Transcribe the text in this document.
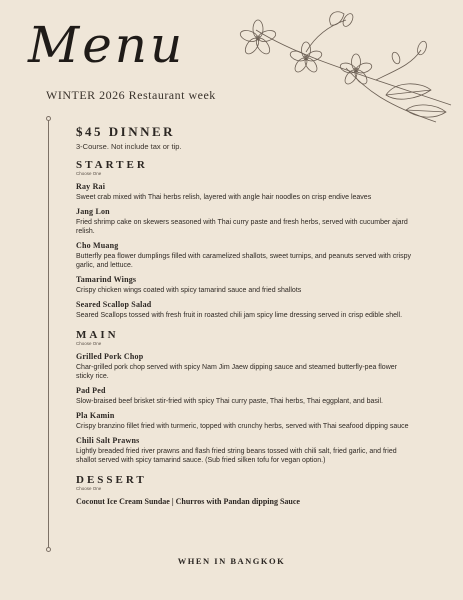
Menu
WINTER 2026 Restaurant week

$45 DINNER

3-Course. Not include tax or tip.

STARTER

Choose One

Ray Rai

Sweet crab mixed with Thai herbs relish, layered with angle hair noodles on crisp endive leaves

Jang Lon

Fried shrimp cake on skewers seasoned with Thai curry paste and fresh herbs, served with cucumber ajard relish.

Cho Muang

Butterfly pea flower dumplings filled with caramelized shallots, sweet turnips, and peanuts served with crispy garlic, and lettuce.

Tamarind Wings

Crispy chicken wings coated with spicy tamarind sauce and fried shallots

Seared Scallop Salad

Seared Scallops tossed with fresh fruit in roasted chili jam spicy lime dressing served in crisp edible shell.

MAIN

Choose One

Grilled Pork Chop

Char-grilled pork chop served with spicy Nam Jim Jaew dipping sauce and steamed butterfly-pea flower sticky rice.

Pad Ped

Slow-braised beef brisket stir-fried with spicy Thai curry paste, Thai herbs, Thai eggplant, and basil.

Pla Kamin

Crispy branzino fillet fried with turmeric, topped with crunchy herbs, served with Thai seafood dipping sauce

Chili Salt Prawns

Lightly breaded fried river prawns and flash fried string beans tossed with chili salt, fried garlic, and fried shallot served with spicy tamarind sauce. (Sub fried silken tofu for vegan option.)

DESSERT

Choose One

Coconut Ice Cream Sundae | Churros with Pandan dipping Sauce

WHEN IN BANGKOK
